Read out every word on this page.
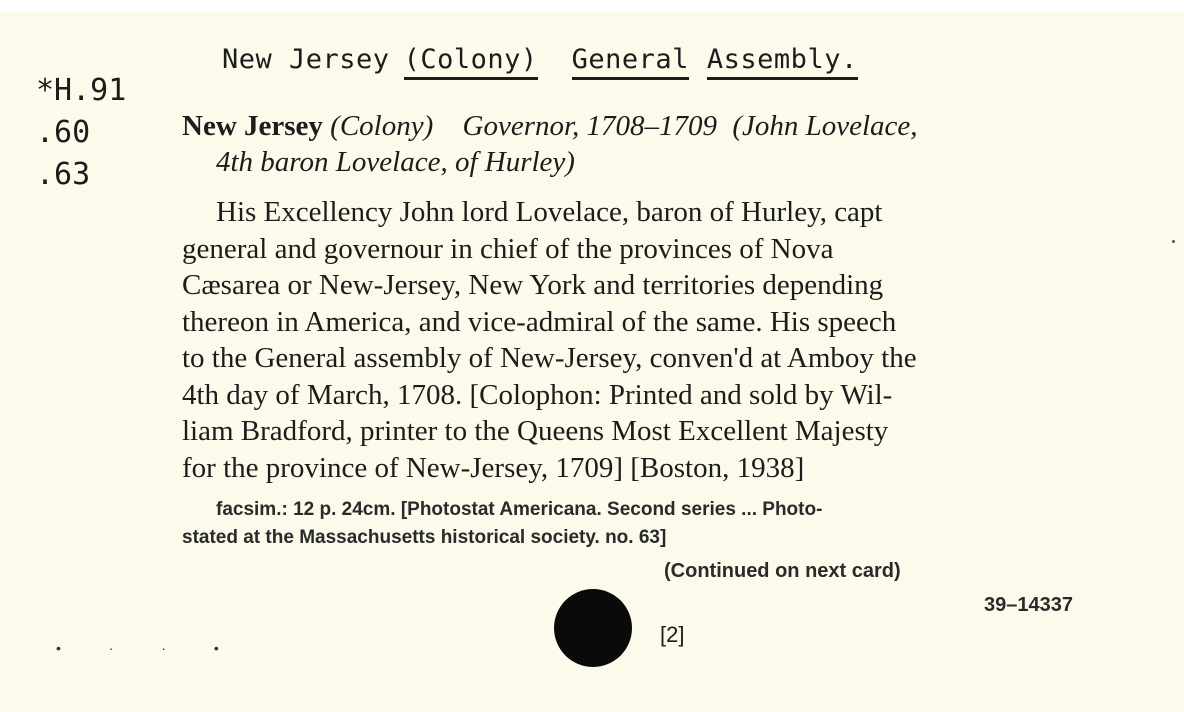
New Jersey (Colony) General Assembly.
*H.91
.60
.63
New Jersey (Colony) Governor, 1708–1709 (John Lovelace,
4th baron Lovelace, of Hurley)
His Excellency John lord Lovelace, baron of Hurley, capt
general and governour in chief of the provinces of Nova
Cæsarea or New-Jersey, New York and territories depending
thereon in America, and vice-admiral of the same. His speech
to the General assembly of New-Jersey, conven'd at Amboy the
4th day of March, 1708. [Colophon: Printed and sold by Wil-
liam Bradford, printer to the Queens Most Excellent Majesty
for the province of New-Jersey, 1709] [Boston, 1938]
facsim.: 12 p. 24cm. [Photostat Americana. Second series ... Photo-
stated at the Massachusetts historical society. no. 63]
(Continued on next card)
39–14337
[2]
• · · •
